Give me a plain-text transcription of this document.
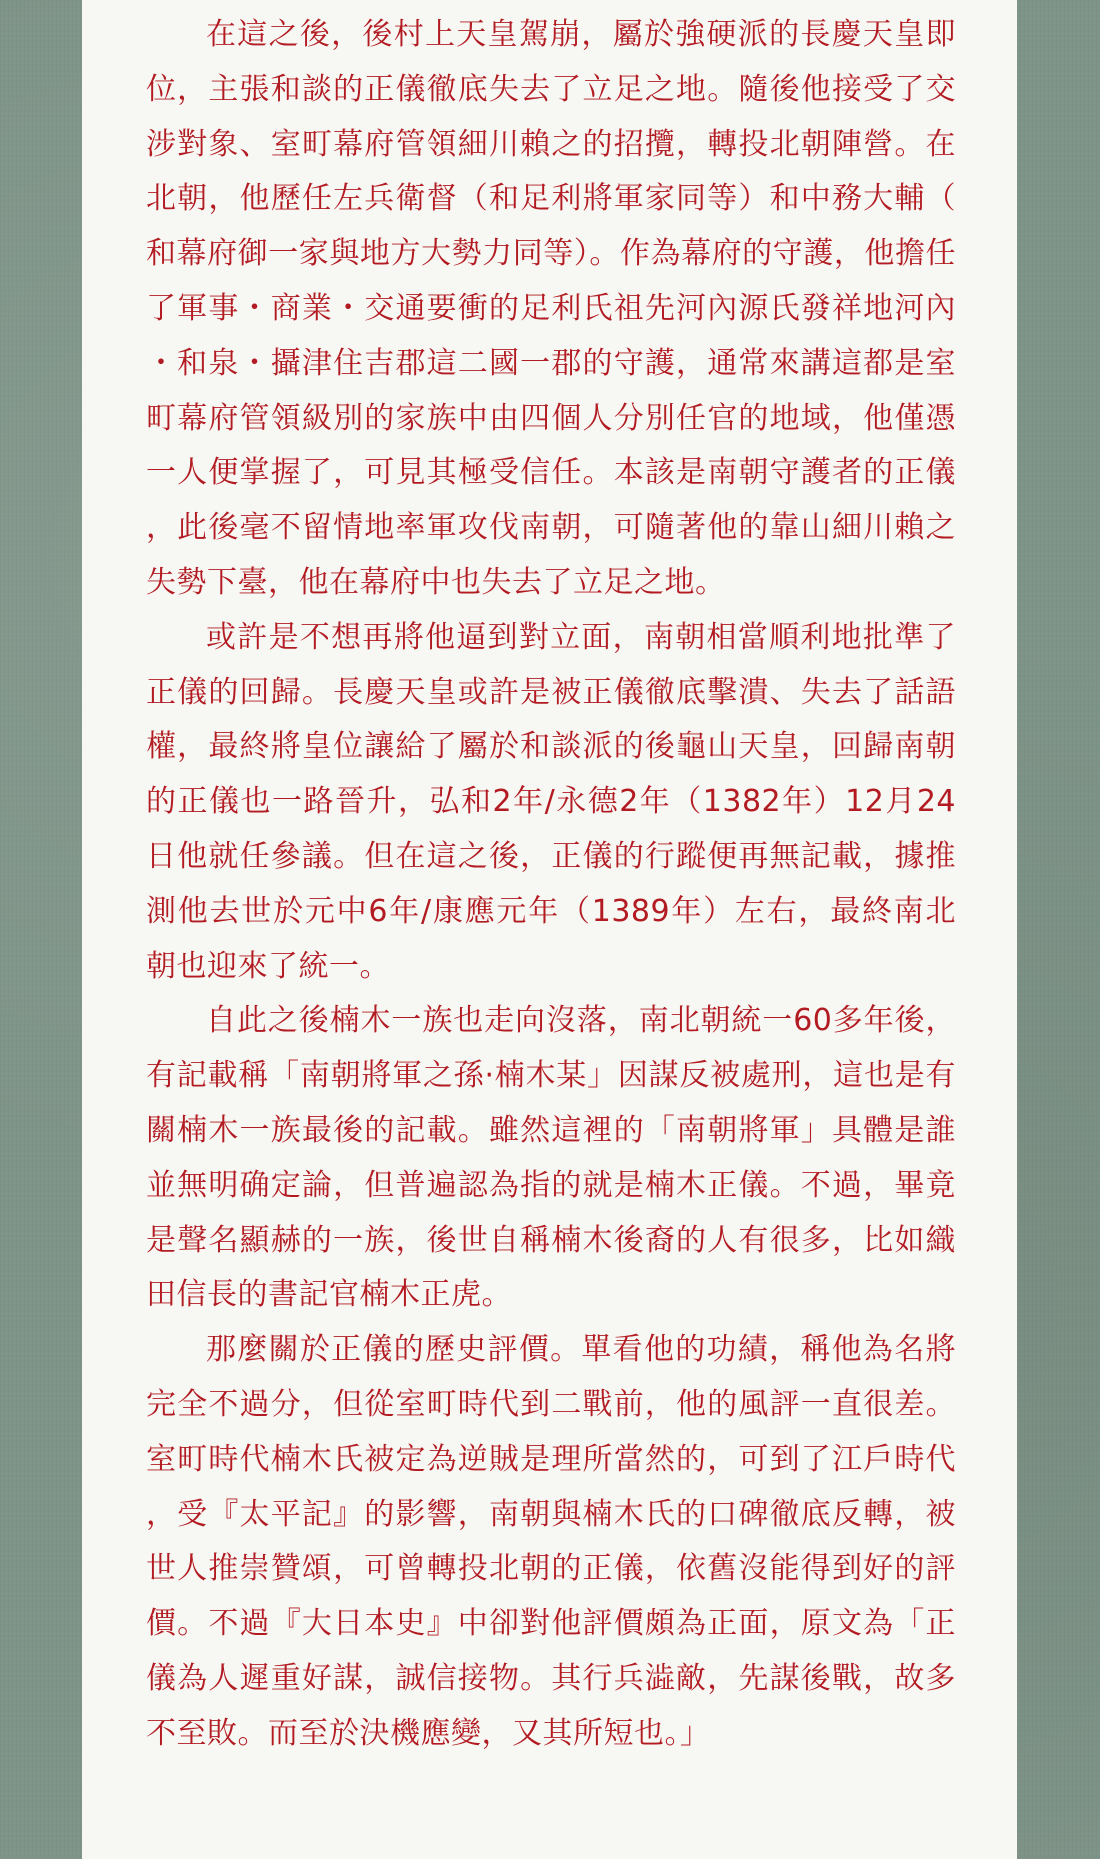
在這之後，後村上天皇駕崩，屬於強硬派的長慶天皇即位，主張和談的正儀徹底失去了立足之地。隨後他接受了交涉對象、室町幕府管領細川賴之的招攬，轉投北朝陣營。在北朝，他歷任左兵衛督（和足利將軍家同等）和中務大輔（和幕府御一家與地方大勢力同等）。作為幕府的守護，他擔任了軍事・商業・交通要衝的足利氏祖先河內源氏發祥地河內・和泉・攝津住吉郡這二國一郡的守護，通常來講這都是室町幕府管領級別的家族中由四個人分別任官的地域，他僅憑一人便掌握了，可見其極受信任。本該是南朝守護者的正儀，此後毫不留情地率軍攻伐南朝，可隨著他的靠山細川賴之失勢下臺，他在幕府中也失去了立足之地。

或許是不想再將他逼到對立面，南朝相當順利地批準了正儀的回歸。長慶天皇或許是被正儀徹底擊潰、失去了話語權，最終將皇位讓給了屬於和談派的後龜山天皇，回歸南朝的正儀也一路晉升，弘和2年/永德2年（1382年）12月24日他就任參議。但在這之後，正儀的行蹤便再無記載，據推測他去世於元中6年/康應元年（1389年）左右，最終南北朝也迎來了統一。

自此之後楠木一族也走向沒落，南北朝統一60多年後，有記載稱「南朝將軍之孫·楠木某」因謀反被處刑，這也是有關楠木一族最後的記載。雖然這裡的「南朝將軍」具體是誰並無明确定論，但普遍認為指的就是楠木正儀。不過，畢竟是聲名顯赫的一族，後世自稱楠木後裔的人有很多，比如織田信長的書記官楠木正虎。

那麼關於正儀的歷史評價。單看他的功績，稱他為名將完全不過分，但從室町時代到二戰前，他的風評一直很差。室町時代楠木氏被定為逆賊是理所當然的，可到了江戶時代，受『太平記』的影響，南朝與楠木氏的口碑徹底反轉，被世人推崇贊頌，可曾轉投北朝的正儀，依舊沒能得到好的評價。不過『大日本史』中卻對他評價頗為正面，原文為「正儀為人遲重好謀，誠信接物。其行兵澁敵，先謀後戰，故多不至敗。而至於決機應變，又其所短也。」
